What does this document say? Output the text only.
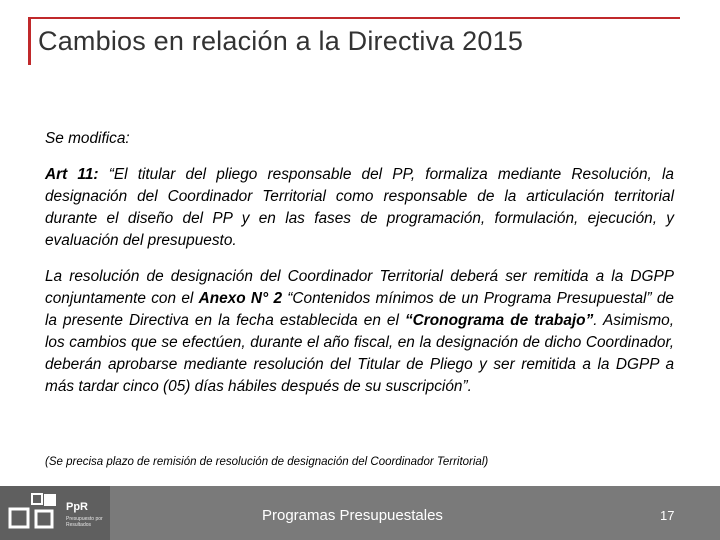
Cambios en relación a la Directiva 2015

Se modifica:

Art 11: “El titular del pliego responsable del PP, formaliza mediante Resolución, la designación del Coordinador Territorial como responsable de la articulación territorial durante el diseño del PP y en las fases de programación, formulación, ejecución, y evaluación del presupuesto.

La resolución de designación del Coordinador Territorial deberá ser remitida a la DGPP conjuntamente con el Anexo N° 2 “Contenidos mínimos de un Programa Presupuestal” de la presente Directiva en la fecha establecida en el “Cronograma de trabajo”. Asimismo, los cambios que se efectúen, durante el año fiscal, en la designación de dicho Coordinador, deberán aprobarse mediante resolución del Titular de Pliego y ser remitida a la DGPP a más tardar cinco (05) días hábiles después de su suscripción”.

(Se precisa plazo de remisión de resolución de designación del Coordinador Territorial)
PpR
Presupuesto por Resultados
Programas Presupuestales	17
